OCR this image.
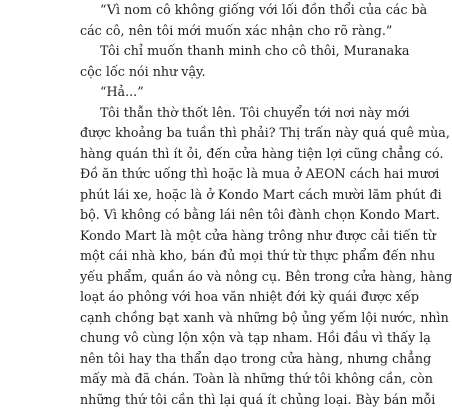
“Vì nom cô không giống với lối đồn thổi của các bà
các cô, nên tôi mới muốn xác nhận cho rõ ràng.”
Tôi chỉ muốn thanh minh cho cô thôi, Muranaka
cộc lốc nói như vậy.
“Hả...”
Tôi thẫn thờ thốt lên. Tôi chuyển tới nơi này mới
được khoảng ba tuần thì phải? Thị trấn này quá quê mùa,
hàng quán thì ít ỏi, đến cửa hàng tiện lợi cũng chẳng có.
Đồ ăn thức uống thì hoặc là mua ở AEON cách hai mươi
phút lái xe, hoặc là ở Kondo Mart cách mười lăm phút đi
bộ. Vì không có bằng lái nên tôi đành chọn Kondo Mart.
Kondo Mart là một cửa hàng trông như được cải tiến từ
một cái nhà kho, bán đủ mọi thứ từ thực phẩm đến nhu
yếu phẩm, quần áo và nông cụ. Bên trong cửa hàng, hàng
loạt áo phông với hoa văn nhiệt đới kỳ quái được xếp
cạnh chồng bạt xanh và những bộ ủng yếm lội nước, nhìn
chung vô cùng lộn xộn và tạp nham. Hồi đầu vì thấy lạ
nên tôi hay tha thẩn dạo trong cửa hàng, nhưng chẳng
mấy mà đã chán. Toàn là những thứ tôi không cần, còn
những thứ tôi cần thì lại quá ít chủng loại. Bày bán mỗi
